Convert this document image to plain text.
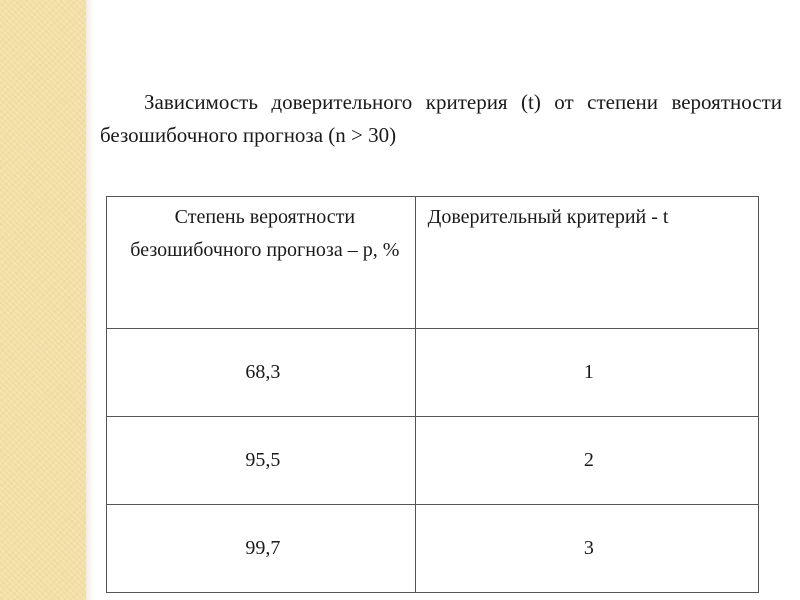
Зависимость доверительного критерия (t) от степени вероятности безошибочного прогноза (n > 30)

Степень вероятности безошибочного прогноза – p, %	Доверительный критерий - t

68,3	1
95,5	2
99,7	3
